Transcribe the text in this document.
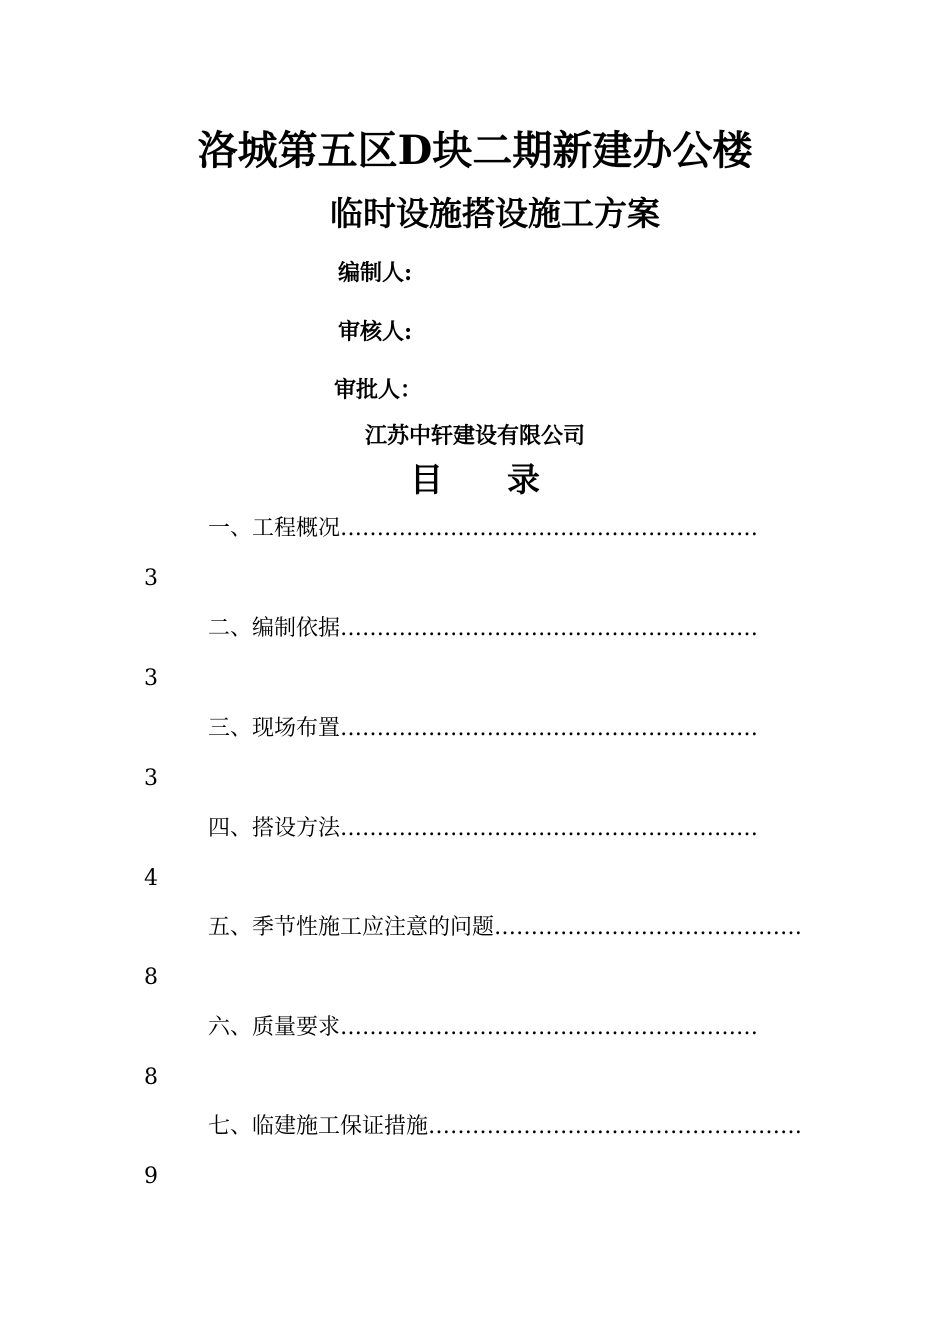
洛城第五区D块二期新建办公楼
临时设施搭设施工方案
编制人:
审核人:
审批人：
江苏中轩建设有限公司
目 录
一、工程概况…………………………………………………
3
二、编制依据…………………………………………………
3
三、现场布置…………………………………………………
3
四、搭设方法…………………………………………………
4
五、季节性施工应注意的问题……………………………………
8
六、质量要求…………………………………………………
8
七、临建施工保证措施……………………………………………
9
